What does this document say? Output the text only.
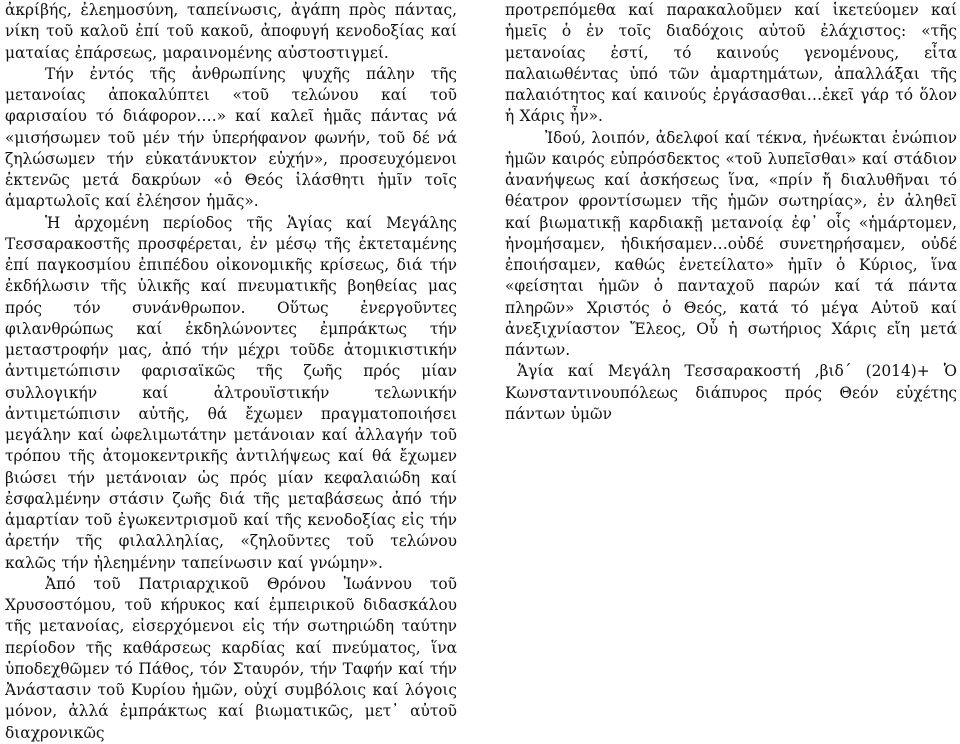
ἀκρίβής, ἐλεημοσύνη, ταπείνωσις, ἀγάπη πρὸς πάντας, νίκη τοῦ καλοῦ ἐπί τοῦ κακοῦ, ἀποφυγή κενοδοξίας καί ματαίας ἐπάρσεως, μαραινομένης αὐστοστιγμεί.

Τήν ἐντός τῆς ἀνθρωπίνης ψυχῆς πάλην τῆς μετανοίας ἀποκαλύπτει «τοῦ τελώνου καί τοῦ φαρισαίου τό διάφορον….» καί καλεῖ ἡμᾶς πάντας νά «μισήσωμεν τοῦ μέν τήν ὑπερήφανον φωνήν, τοῦ δέ νά ζηλώσωμεν τήν εὐκατάνυκτον εὐχήν», προσευχόμενοι ἐκτενῶς μετά δακρύων «ὁ Θεός ἱλάσθητι ἡμῖν τοῖς ἁμαρτωλοῖς καί ἐλέησον ἡμᾶς».

Ἡ ἀρχομένη περίοδος τῆς Ἁγίας καί Μεγάλης Τεσσαρακοστῆς προσφέρεται, ἐν μέσῳ τῆς ἐκτεταμένης ἐπί παγκοσμίου ἐπιπέδου οἰκονομικῆς κρίσεως, διά τήν ἐκδήλωσιν τῆς ὑλικῆς καί πνευματικῆς βοηθείας μας πρός τόν συνάνθρωπον. Οὕτως ἐνεργοῦντες φιλανθρώπως καί ἐκδηλώνοντες ἐμπράκτως τήν μεταστροφήν μας, ἀπό τήν μέχρι τοῦδε ἀτομικιστικήν ἀντιμετώπισιν φαρισαϊκῶς τῆς ζωῆς πρός μίαν συλλογικήν καί ἀλτρουϊστικήν τελωνικήν ἀντιμετώπισιν αὐτῆς, θά ἔχωμεν πραγματοποιήσει μεγάλην καί ὠφελιμωτάτην μετάνοιαν καί ἀλλαγήν τοῦ τρόπου τῆς ἀτομοκεντρικῆς ἀντιλήψεως καί θά ἔχωμεν βιώσει τήν μετάνοιαν ὡς πρός μίαν κεφαλαιώδη καί ἐσφαλμένην στάσιν ζωῆς διά τῆς μεταβάσεως ἀπό τήν ἁμαρτίαν τοῦ ἐγωκεντρισμοῦ καί τῆς κενοδοξίας εἰς τήν ἀρετήν τῆς φιλαλληλίας, «ζηλοῦντες τοῦ τελώνου καλῶς τήν ἠλεημένην ταπείνωσιν καί γνώμην».

Ἀπό τοῦ Πατριαρχικοῦ Θρόνου Ἰωάννου τοῦ Χρυσοστόμου, τοῦ κήρυκος καί ἐμπειρικοῦ διδασκάλου τῆς μετανοίας, εἰσερχόμενοι εἰς τήν σωτηριώδη ταύτην περίοδον τῆς καθάρσεως καρδίας καί πνεύματος, ἵνα ὑποδεχθῶμεν τό Πάθος, τόν Σταυρόν, τήν Ταφήν καί τήν Ἀνάστασιν τοῦ Κυρίου ἡμῶν, οὐχί συμβόλοις καί λόγοις μόνον, ἀλλά ἐμπράκτως καί βιωματικῶς, μετ᾽ αὐτοῦ διαχρονικῶς

προτρεπόμεθα καί παρακαλοῦμεν καί ἱκετεύομεν καί ἡμεῖς ὁ ἐν τοῖς διαδόχοις αὐτοῦ ἐλάχιστος: «τῆς μετανοίας ἐστί, τό καινούς γενομένους, εἶτα παλαιωθέντας ὑπό τῶν ἁμαρτημάτων, ἀπαλλάξαι τῆς παλαιότητος καί καινούς ἐργάσασθαι…ἐκεῖ γάρ τό ὅλον ἡ Χάρις ἦν».

Ἰδού, λοιπόν, ἀδελφοί καί τέκνα, ἠνέωκται ἐνώπιον ἡμῶν καιρός εὐπρόσδεκτος «τοῦ λυπεῖσθαι» καί στάδιον ἀνανήψεως καί ἀσκήσεως ἵνα, «πρίν ἤ διαλυθῆναι τό θέατρον φροντίσωμεν τῆς ἡμῶν σωτηρίας», ἐν ἀληθεῖ καί βιωματικῇ καρδιακῇ μετανοίᾳ ἐφ᾽ οἷς «ἡμάρτομεν, ἠνομήσαμεν, ἠδικήσαμεν…οὐδέ συνετηρήσαμεν, οὐδέ ἐποιήσαμεν, καθώς ἐνετείλατο» ἡμῖν ὁ Κύριος, ἵνα «φείσηται ἡμῶν ὁ πανταχοῦ παρών καί τά πάντα πληρῶν» Χριστός ὁ Θεός, κατά τό μέγα Αὐτοῦ καί ἀνεξιχνίαστον Ἔλεος, Οὗ ἡ σωτήριος Χάρις εἴη μετά πάντων.

Ἁγία καί Μεγάλη Τεσσαρακοστή ,βιδ´ (2014)+ Ὁ Κωνσταντινουπόλεως διάπυρος πρός Θεόν εὐχέτης πάντων ὑμῶν
